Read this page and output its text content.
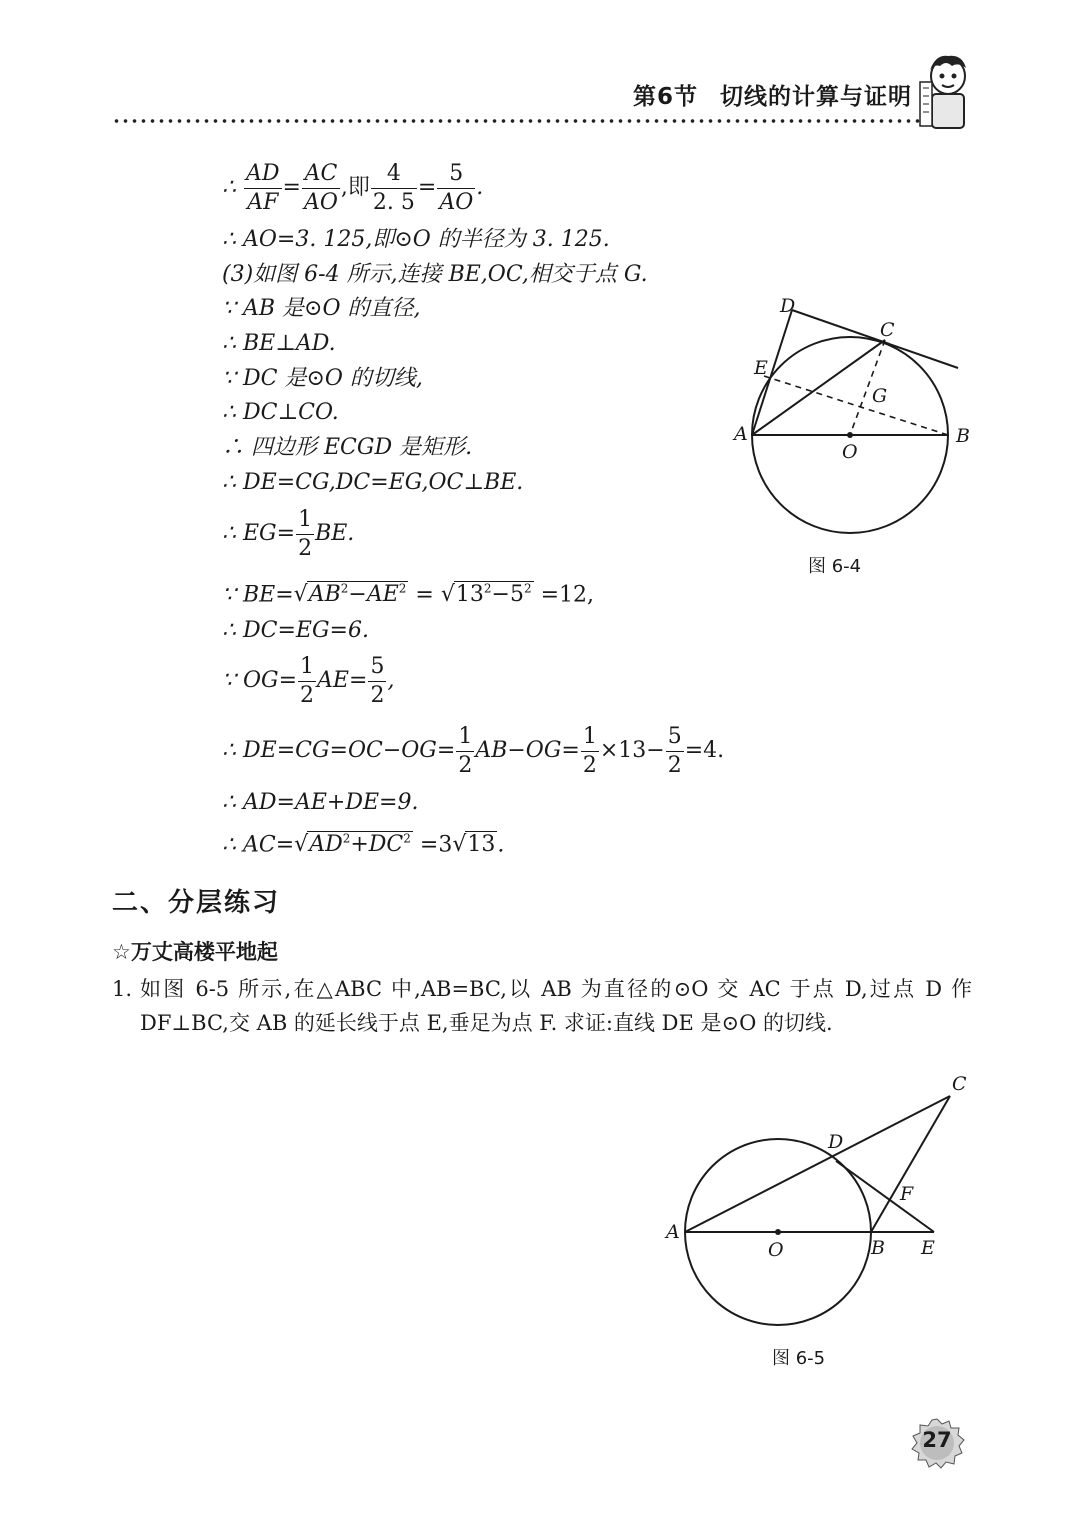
第6节 切线的计算与证明
∴ $\frac{AD}{AF} = \frac{AC}{AO}$ ,即 $\frac{4}{2. 5} = \frac{5}{AO}$ .
∴ AO=3. 125,即⊙O 的半径为 3. 125.
(3)如图 6-4 所示,连接 BE,OC,相交于点 G.
∵ AB 是⊙O 的直径,
∴ BE⊥AD.
∵ DC 是⊙O 的切线,
∴ DC⊥CO.
∴ 四边形 ECGD 是矩形.
∴ DE=CG,DC=EG,OC⊥BE.
∴ $EG= \frac{1}{2}$ BE.
∵ $BE=√AB^2-AE^2 = √13^2-5^2 =12$,
∴ DC=EG=6.
∵ $OG= \frac{1}{2} AE= \frac{5}{2}$ ,
∴ $DE=CG=OC-OG= \frac{1}{2} AB-OG= \frac{1}{2} \times 13- \frac{5}{2} =4$.
∴ AD=AE+DE=9.
∴ $AC=√AD^2+DC^2 =3√13$.
D
C
E
G
A	B
O
图 6-4
二、分层练习
☆万丈高楼平地起
1. 如图 6-5 所示,在△ABC 中,AB=BC,以 AB 为直径的⊙O 交 AC 于点 D,过点 D 作 DF⊥BC,交 AB 的延长线于点 E,垂足为点 F. 求证:直线 DE 是⊙O 的切线.
C
D
F
A
O	B E
图 6-5
27
